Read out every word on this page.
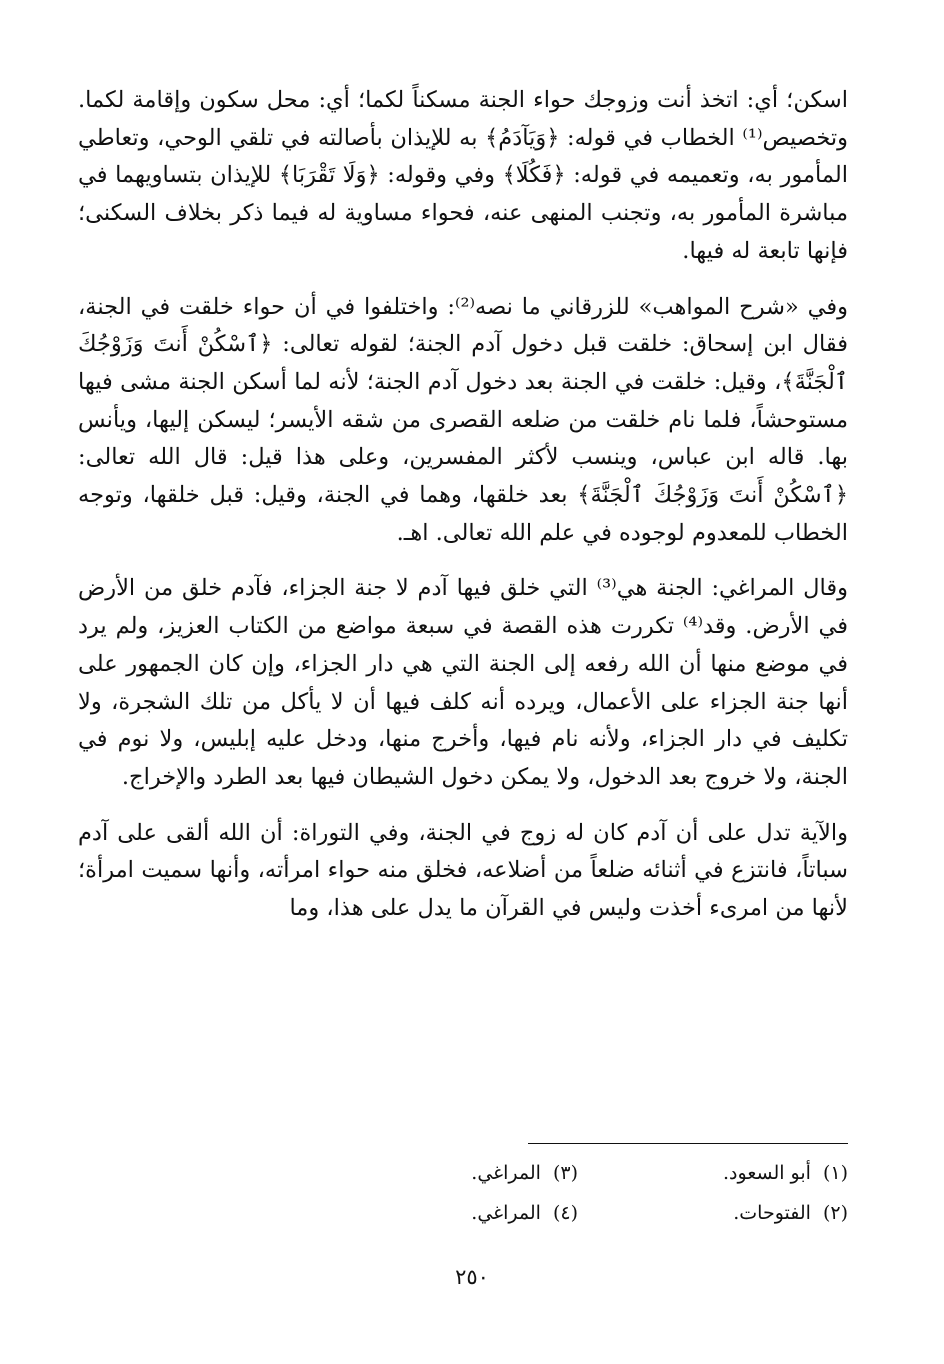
اسكن؛ أي: اتخذ أنت وزوجك حواء الجنة مسكناً لكما؛ أي: محل سكون وإقامة لكما. وتخصيص⁽¹⁾ الخطاب في قوله: ﴿وَيَآدَمُ﴾ به للإيذان بأصالته في تلقي الوحي، وتعاطي المأمور به، وتعميمه في قوله: ﴿فَكُلَا﴾ وفي وقوله: ﴿وَلَا تَقْرَبَا﴾ للإيذان بتساويهما في مباشرة المأمور به، وتجنب المنهى عنه، فحواء مساوية له فيما ذكر بخلاف السكنى؛ فإنها تابعة له فيها.

وفي «شرح المواهب» للزرقاني ما نصه⁽²⁾: واختلفوا في أن حواء خلقت في الجنة، فقال ابن إسحاق: خلقت قبل دخول آدم الجنة؛ لقوله تعالى: ﴿ٱسْكُنْ أَنتَ وَزَوْجُكَ ٱلْجَنَّةَ﴾، وقيل: خلقت في الجنة بعد دخول آدم الجنة؛ لأنه لما أسكن الجنة مشى فيها مستوحشاً، فلما نام خلقت من ضلعه القصرى من شقه الأيسر؛ ليسكن إليها، ويأنس بها. قاله ابن عباس، وينسب لأكثر المفسرين، وعلى هذا قيل: قال الله تعالى: ﴿ٱسْكُنْ أَنتَ وَزَوْجُكَ ٱلْجَنَّةَ﴾ بعد خلقها، وهما في الجنة، وقيل: قبل خلقها، وتوجه الخطاب للمعدوم لوجوده في علم الله تعالى. اهـ.

وقال المراغي: الجنة هي⁽³⁾ التي خلق فيها آدم لا جنة الجزاء، فآدم خلق من الأرض في الأرض. وقد⁽⁴⁾ تكررت هذه القصة في سبعة مواضع من الكتاب العزيز، ولم يرد في موضع منها أن الله رفعه إلى الجنة التي هي دار الجزاء، وإن كان الجمهور على أنها جنة الجزاء على الأعمال، ويرده أنه كلف فيها أن لا يأكل من تلك الشجرة، ولا تكليف في دار الجزاء، ولأنه نام فيها، وأخرج منها، ودخل عليه إبليس، ولا نوم في الجنة، ولا خروج بعد الدخول، ولا يمكن دخول الشيطان فيها بعد الطرد والإخراج.

والآية تدل على أن آدم كان له زوج في الجنة، وفي التوراة: أن الله ألقى على آدم سباتاً، فانتزع في أثنائه ضلعاً من أضلاعه، فخلق منه حواء امرأته، وأنها سميت امرأة؛ لأنها من امرىء أخذت وليس في القرآن ما يدل على هذا، وما

(١)أبو السعود.
(٣)المراغي.
(٢)الفتوحات.
(٤)المراغي.
٢٥٠
